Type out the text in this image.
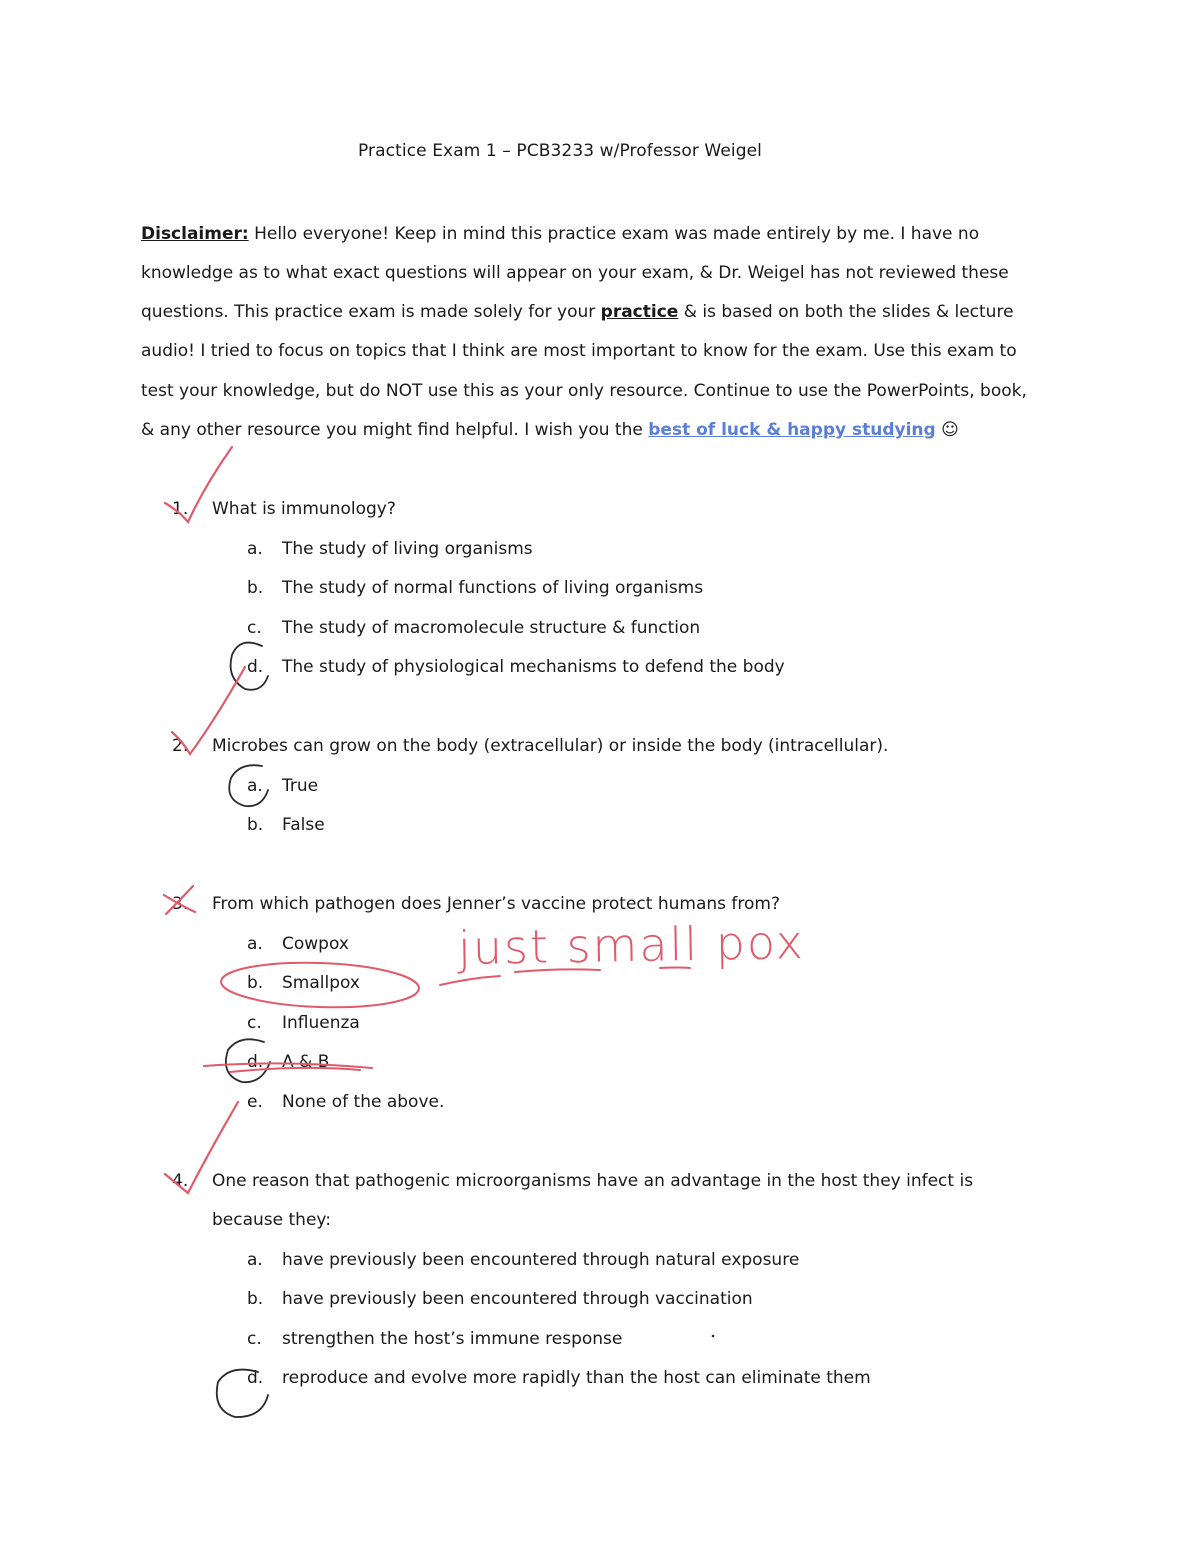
Practice Exam 1 – PCB3233 w/Professor Weigel
Disclaimer: Hello everyone! Keep in mind this practice exam was made entirely by me. I have no
knowledge as to what exact questions will appear on your exam, & Dr. Weigel has not reviewed these
questions. This practice exam is made solely for your practice & is based on both the slides & lecture
audio! I tried to focus on topics that I think are most important to know for the exam. Use this exam to
test your knowledge, but do NOT use this as your only resource. Continue to use the PowerPoints, book,
& any other resource you might find helpful. I wish you the best of luck & happy studying ☺
1. What is immunology?
a. The study of living organisms
b. The study of normal functions of living organisms
c. The study of macromolecule structure & function
d. The study of physiological mechanisms to defend the body
2. Microbes can grow on the body (extracellular) or inside the body (intracellular).
a. True
b. False
3. From which pathogen does Jenner’s vaccine protect humans from?
a. Cowpox
b. Smallpox
c. Influenza
d. A & B
e. None of the above.
4. One reason that pathogenic microorganisms have an advantage in the host they infect is
because they:
a. have previously been encountered through natural exposure
b. have previously been encountered through vaccination
c. strengthen the host’s immune response
d. reproduce and evolve more rapidly than the host can eliminate them
just small pox
